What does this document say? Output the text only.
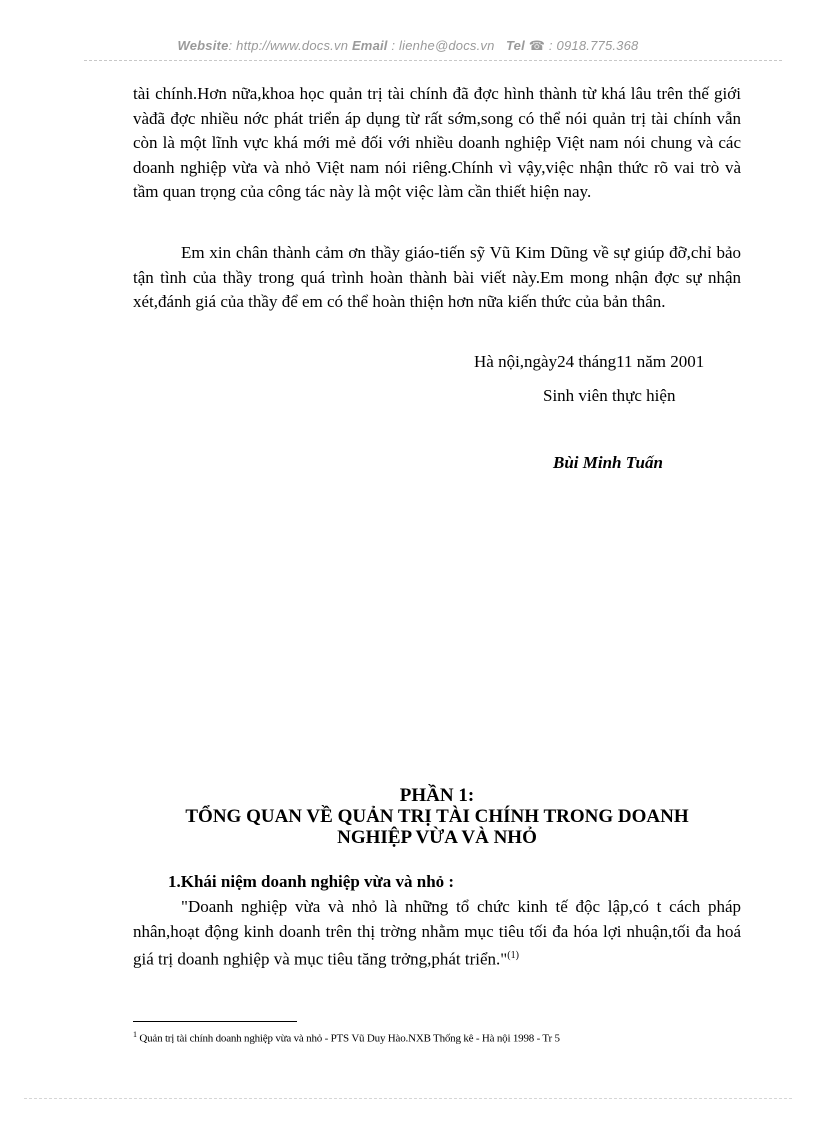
Website: http://www.docs.vn Email : lienhe@docs.vn Tel ☎ : 0918.775.368

tài chính.Hơn nữa,khoa học quản trị tài chính đã đợc hình thành từ khá lâu trên thế giới vàđã đợc nhiều nớc phát triển áp dụng từ rất sớm,song có thể nói quản trị tài chính vẫn còn là một lĩnh vực khá mới mẻ đối với nhiều doanh nghiệp Việt nam nói chung và các doanh nghiệp vừa và nhỏ Việt nam nói riêng.Chính vì vậy,việc nhận thức rõ vai trò và tầm quan trọng của công tác này là một việc làm cần thiết hiện nay.

Em xin chân thành cảm ơn thầy giáo-tiến sỹ Vũ Kim Dũng về sự giúp đỡ,chỉ bảo tận tình của thầy trong quá trình hoàn thành bài viết này.Em mong nhận đợc sự nhận xét,đánh giá của thầy để em có thể hoàn thiện hơn nữa kiến thức của bản thân.

Hà nội,ngày24 tháng11 năm 2001
Sinh viên thực hiện
Bùi Minh Tuấn
PHẦN 1:
TỔNG QUAN VỀ QUẢN TRỊ TÀI CHÍNH TRONG DOANH
NGHIỆP VỪA VÀ NHỎ
1.Khái niệm doanh nghiệp vừa và nhỏ :

"Doanh nghiệp vừa và nhỏ là những tổ chức kinh tế độc lập,có t cách pháp nhân,hoạt động kinh doanh trên thị trờng nhằm mục tiêu tối đa hóa lợi nhuận,tối đa hoá giá trị doanh nghiệp và mục tiêu tăng trởng,phát triển."$^{(1)}$

$^1$ Quản trị tài chính doanh nghiệp vừa và nhỏ - PTS Vũ Duy Hào.NXB Thống kê - Hà nội 1998 - Tr 5
